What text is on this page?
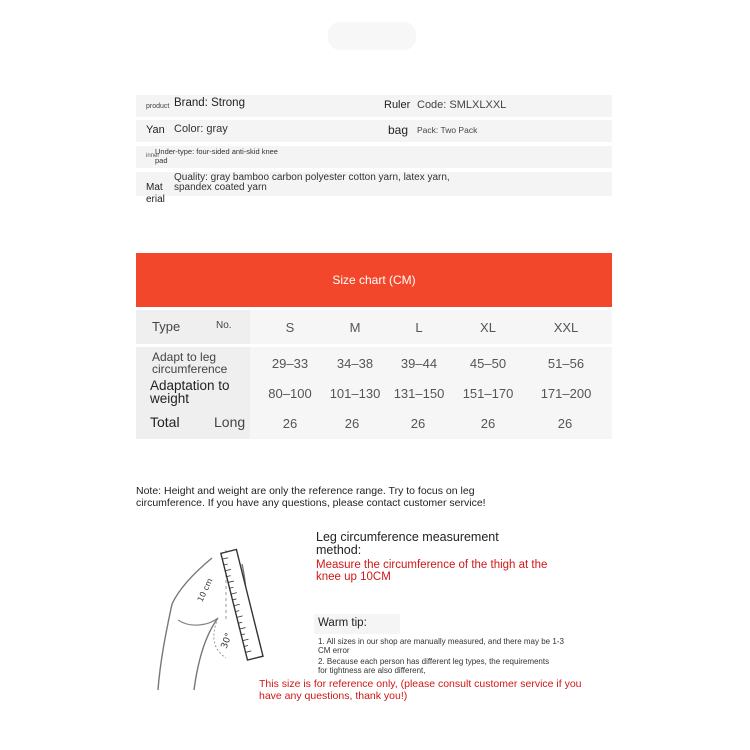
product Brand: Strong	Ruler Code: SMLXLXXL
Yan Color: gray	bag Pack: Two Pack
inner
Under-type: four-sided anti-skid knee
pad
Mat
erial
Quality: gray bamboo carbon polyester cotton yarn, latex yarn,
spandex coated yarn
Size chart (CM)
Type	No.	S	M	L	XL	XXL
Adapt to leg
circumference	29–33	34–38	39–44	45–50	51–56
Adaptation to
weight	80–100	101–130	131–150	151–170	171–200
Total Long	26	26	26	26	26
Note: Height and weight are only the reference range. Try to focus on leg
circumference. If you have any questions, please contact customer service!
10 cm
30°
Leg circumference measurement
method:
Measure the circumference of the thigh at the
knee up 10CM
Warm tip:
1. All sizes in our shop are manually measured, and there may be 1-3
CM error
2. Because each person has different leg types, the requirements
for tightness are also different,
This size is for reference only, (please consult customer service if you
have any questions, thank you!)
